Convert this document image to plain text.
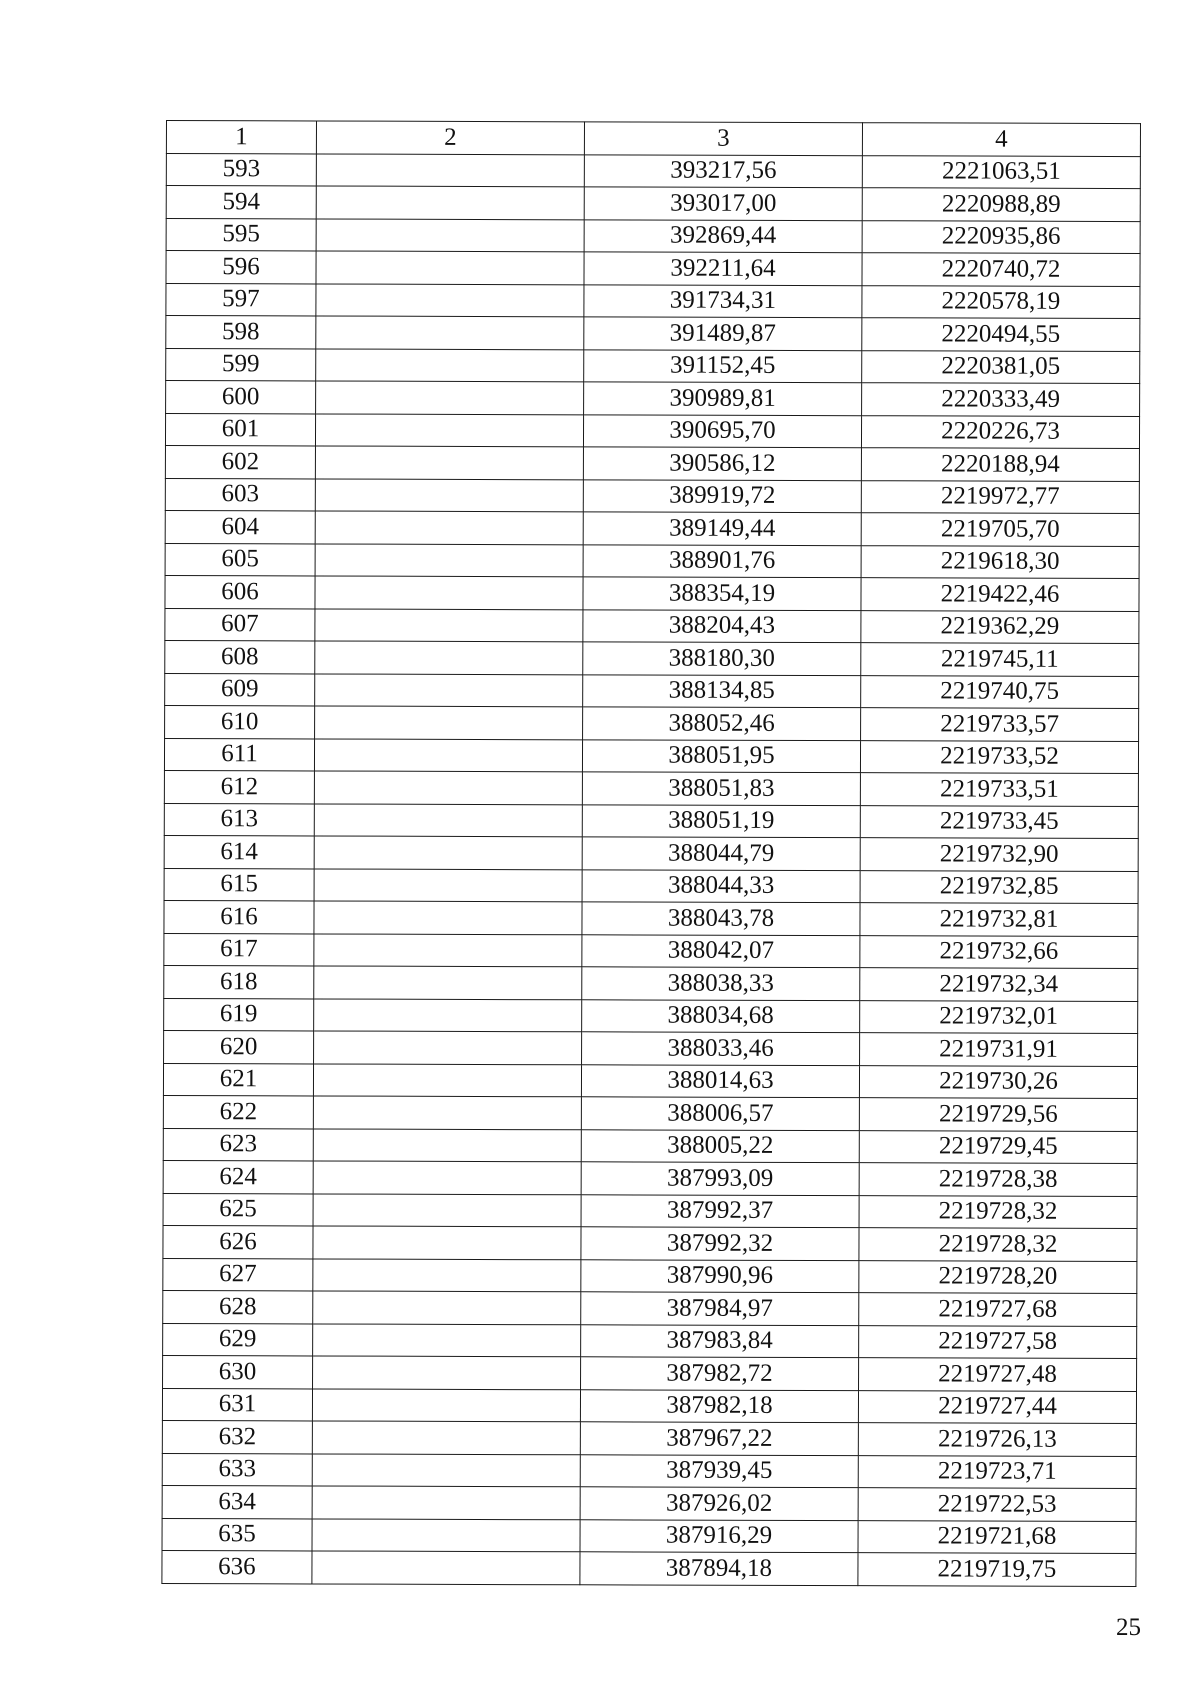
1	2	3	4
593		393217,56	2221063,51
594		393017,00	2220988,89
595		392869,44	2220935,86
596		392211,64	2220740,72
597		391734,31	2220578,19
598		391489,87	2220494,55
599		391152,45	2220381,05
600		390989,81	2220333,49
601		390695,70	2220226,73
602		390586,12	2220188,94
603		389919,72	2219972,77
604		389149,44	2219705,70
605		388901,76	2219618,30
606		388354,19	2219422,46
607		388204,43	2219362,29
608		388180,30	2219745,11
609		388134,85	2219740,75
610		388052,46	2219733,57
611		388051,95	2219733,52
612		388051,83	2219733,51
613		388051,19	2219733,45
614		388044,79	2219732,90
615		388044,33	2219732,85
616		388043,78	2219732,81
617		388042,07	2219732,66
618		388038,33	2219732,34
619		388034,68	2219732,01
620		388033,46	2219731,91
621		388014,63	2219730,26
622		388006,57	2219729,56
623		388005,22	2219729,45
624		387993,09	2219728,38
625		387992,37	2219728,32
626		387992,32	2219728,32
627		387990,96	2219728,20
628		387984,97	2219727,68
629		387983,84	2219727,58
630		387982,72	2219727,48
631		387982,18	2219727,44
632		387967,22	2219726,13
633		387939,45	2219723,71
634		387926,02	2219722,53
635		387916,29	2219721,68
636		387894,18	2219719,75
25
